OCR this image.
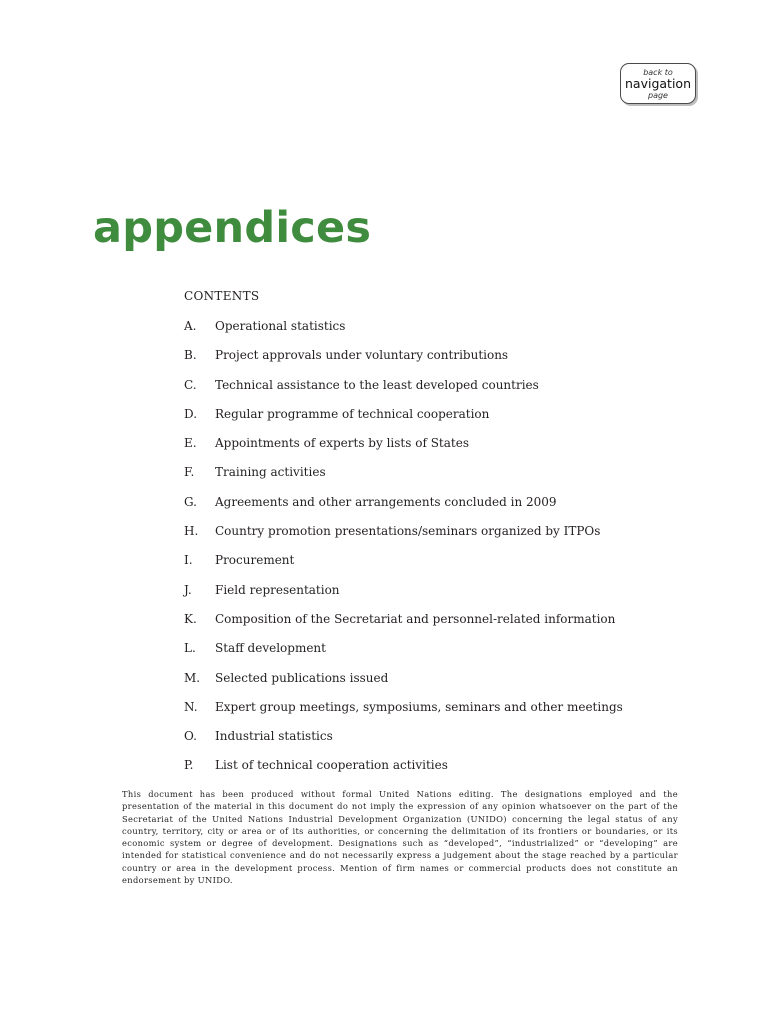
back to
navigation
page
appendices
CONTENTS
A.	Operational statistics
B.	Project approvals under voluntary contributions
C.	Technical assistance to the least developed countries
D.	Regular programme of technical cooperation
E.	Appointments of experts by lists of States
F.	Training activities
G.	Agreements and other arrangements concluded in 2009
H.	Country promotion presentations/seminars organized by ITPOs
I.	Procurement
J.	Field representation
K.	Composition of the Secretariat and personnel-related information
L.	Staff development
M.	Selected publications issued
N.	Expert group meetings, symposiums, seminars and other meetings
O.	Industrial statistics
P.	List of technical cooperation activities

This document has been produced without formal United Nations editing. The designations employed and the presentation of the material in this document do not imply the expression of any opinion whatsoever on the part of the Secretariat of the United Nations Industrial Development Organization (UNIDO) concerning the legal status of any country, territory, city or area or of its authorities, or concerning the delimitation of its frontiers or boundaries, or its economic system or degree of development. Designations such as “developed”, “industrialized” or “developing” are intended for statistical convenience and do not necessarily express a judgement about the stage reached by a particular country or area in the development process. Mention of firm names or commercial products does not constitute an endorsement by UNIDO.
